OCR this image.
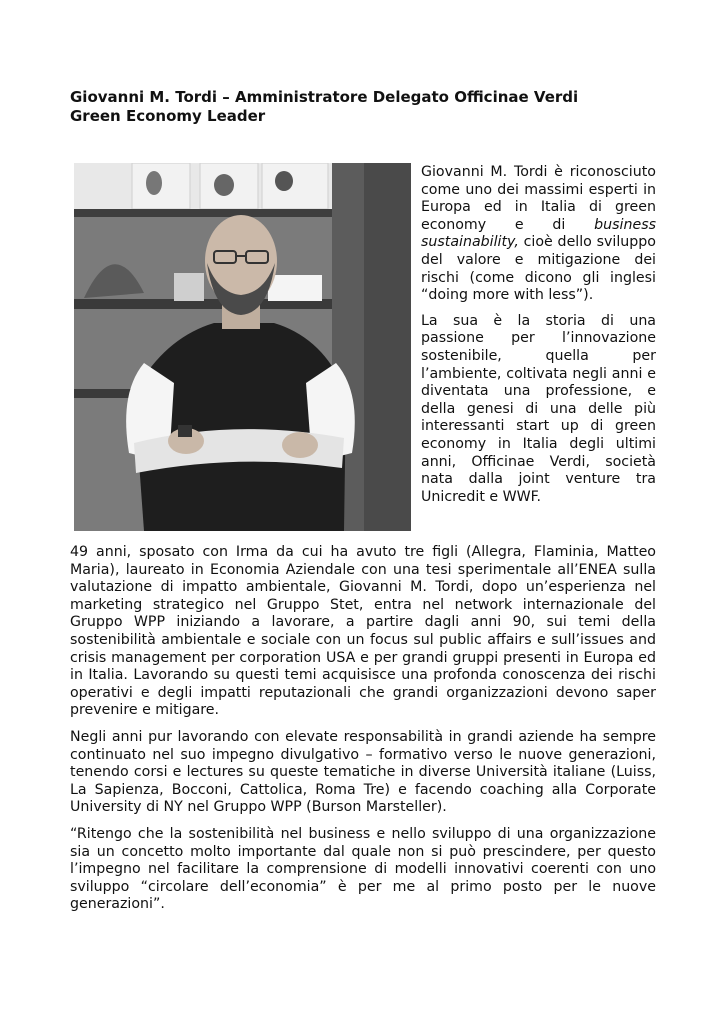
Giovanni M. Tordi – Amministratore Delegato Officinae Verdi
Green Economy Leader

Giovanni M. Tordi è riconosciuto come uno dei massimi esperti in Europa ed in Italia di green economy e di business sustainability, cioè dello sviluppo del valore e mitigazione dei rischi (come dicono gli inglesi “doing more with less”).

La sua è la storia di una passione per l’innovazione sostenibile, quella per l’ambiente, coltivata negli anni e diventata una professione, e della genesi di una delle più interessanti start up di green economy in Italia degli ultimi anni, Officinae Verdi, società nata dalla joint venture tra Unicredit e WWF.

49 anni, sposato con Irma da cui ha avuto tre figli (Allegra, Flaminia, Matteo Maria), laureato in Economia Aziendale con una tesi sperimentale all’ENEA sulla valutazione di impatto ambientale, Giovanni M. Tordi, dopo un’esperienza nel marketing strategico nel Gruppo Stet, entra nel network internazionale del Gruppo WPP iniziando a lavorare, a partire dagli anni 90, sui temi della sostenibilità ambientale e sociale con un focus sul public affairs e sull’issues and crisis management per corporation USA e per grandi gruppi presenti in Europa ed in Italia. Lavorando su questi temi acquisisce una profonda conoscenza dei rischi operativi e degli impatti reputazionali che grandi organizzazioni devono saper prevenire e mitigare.

Negli anni pur lavorando con elevate responsabilità in grandi aziende ha sempre continuato nel suo impegno divulgativo – formativo verso le nuove generazioni, tenendo corsi e lectures su queste tematiche in diverse Università italiane (Luiss, La Sapienza, Bocconi, Cattolica, Roma Tre) e facendo coaching alla Corporate University di NY nel Gruppo WPP (Burson Marsteller).

“Ritengo che la sostenibilità nel business e nello sviluppo di una organizzazione sia un concetto molto importante dal quale non si può prescindere, per questo l’impegno nel facilitare la comprensione di modelli innovativi coerenti con uno sviluppo “circolare dell’economia” è per me al primo posto per le nuove generazioni”.
